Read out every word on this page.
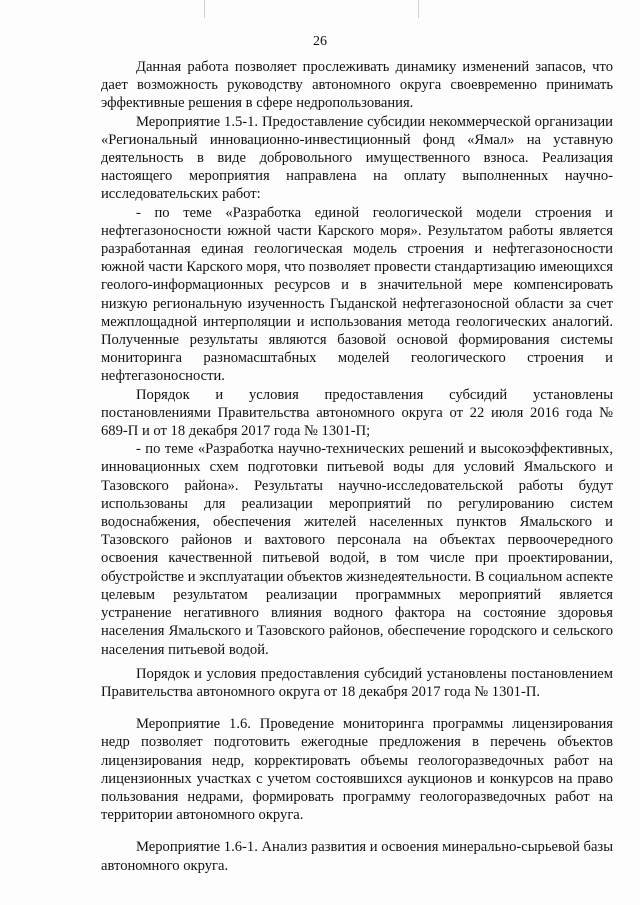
26

Данная работа позволяет прослеживать динамику изменений запасов, что дает возможность руководству автономного округа своевременно принимать эффективные решения в сфере недропользования.

Мероприятие 1.5-1. Предоставление субсидии некоммерческой организации «Региональный инновационно-инвестиционный фонд «Ямал» на уставную деятельность в виде добровольного имущественного взноса. Реализация настоящего мероприятия направлена на оплату выполненных научно-исследовательских работ:

- по теме «Разработка единой геологической модели строения и нефтегазоносности южной части Карского моря». Результатом работы является разработанная единая геологическая модель строения и нефтегазоносности южной части Карского моря, что позволяет провести стандартизацию имеющихся геолого-информационных ресурсов и в значительной мере компенсировать низкую региональную изученность Гыданской нефтегазоносной области за счет межплощадной интерполяции и использования метода геологических аналогий. Полученные результаты являются базовой основой формирования системы мониторинга разномасштабных моделей геологического строения и нефтегазоносности.

Порядок и условия предоставления субсидий установлены постановлениями Правительства автономного округа от 22 июля 2016 года № 689-П и от 18 декабря 2017 года № 1301-П;

- по теме «Разработка научно-технических решений и высокоэффективных, инновационных схем подготовки питьевой воды для условий Ямальского и Тазовского района». Результаты научно-исследовательской работы будут использованы для реализации мероприятий по регулированию систем водоснабжения, обеспечения жителей населенных пунктов Ямальского и Тазовского районов и вахтового персонала на объектах первоочередного освоения качественной питьевой водой, в том числе при проектировании, обустройстве и эксплуатации объектов жизнедеятельности. В социальном аспекте целевым результатом реализации программных мероприятий является устранение негативного влияния водного фактора на состояние здоровья населения Ямальского и Тазовского районов, обеспечение городского и сельского населения питьевой водой.

Порядок и условия предоставления субсидий установлены постановлением Правительства автономного округа от 18 декабря 2017 года № 1301-П.

Мероприятие 1.6. Проведение мониторинга программы лицензирования недр позволяет подготовить ежегодные предложения в перечень объектов лицензирования недр, корректировать объемы геологоразведочных работ на лицензионных участках с учетом состоявшихся аукционов и конкурсов на право пользования недрами, формировать программу геологоразведочных работ на территории автономного округа.

Мероприятие 1.6-1. Анализ развития и освоения минерально-сырьевой базы автономного округа.
